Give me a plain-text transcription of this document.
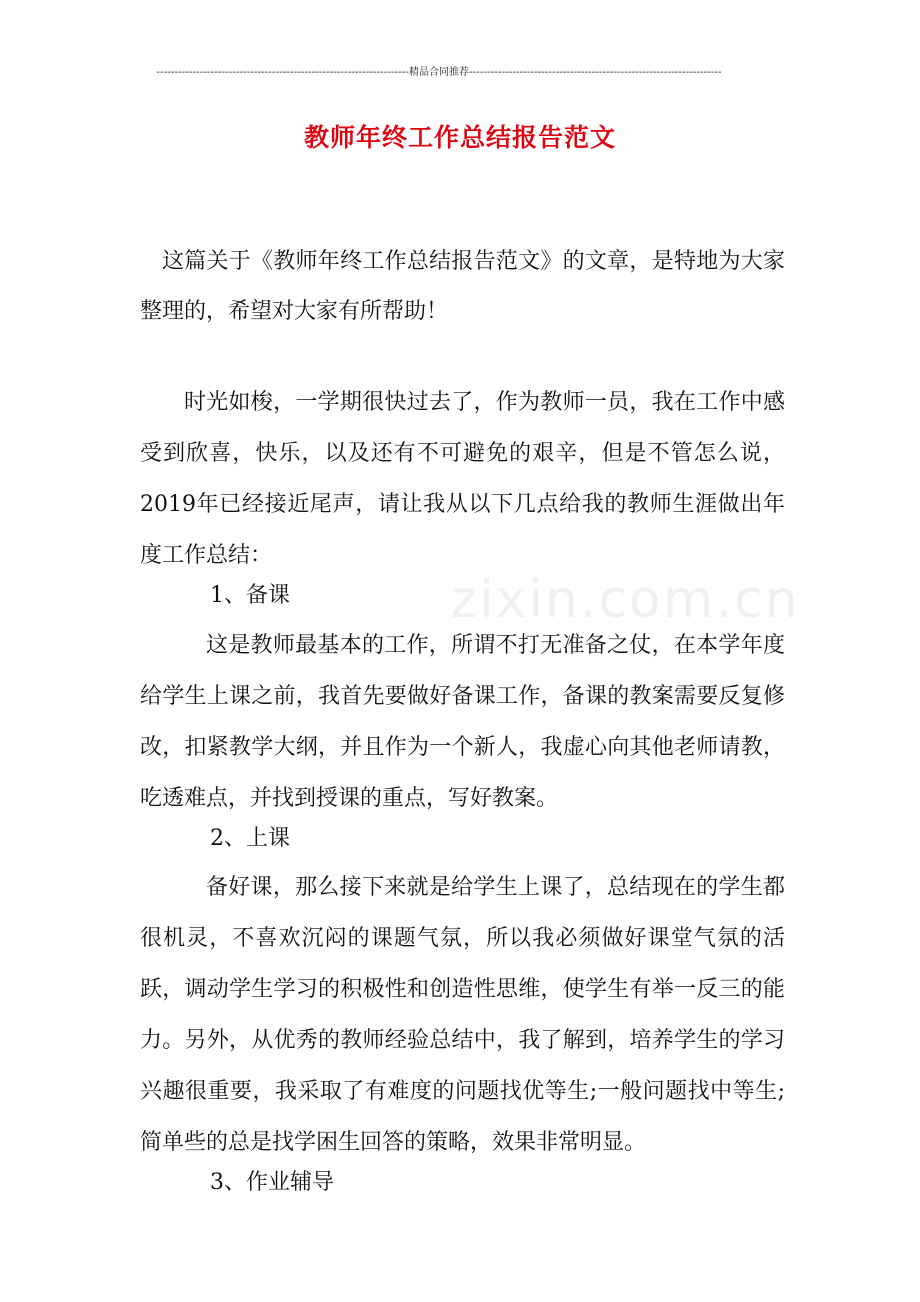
----------------------------------------------------------------------精品合同推荐----------------------------------------------------------------------
教师年终工作总结报告范文

这篇关于《教师年终工作总结报告范文》的文章，是特地为大家整理的，希望对大家有所帮助！

时光如梭，一学期很快过去了，作为教师一员，我在工作中感受到欣喜，快乐，以及还有不可避免的艰辛，但是不管怎么说，2019年已经接近尾声，请让我从以下几点给我的教师生涯做出年度工作总结：

1、备课

这是教师最基本的工作，所谓不打无准备之仗，在本学年度给学生上课之前，我首先要做好备课工作，备课的教案需要反复修改，扣紧教学大纲，并且作为一个新人，我虚心向其他老师请教，吃透难点，并找到授课的重点，写好教案。

2、上课

备好课，那么接下来就是给学生上课了，总结现在的学生都很机灵，不喜欢沉闷的课题气氛，所以我必须做好课堂气氛的活跃，调动学生学习的积极性和创造性思维，使学生有举一反三的能力。另外，从优秀的教师经验总结中，我了解到，培养学生的学习兴趣很重要，我采取了有难度的问题找优等生;一般问题找中等生;简单些的总是找学困生回答的策略，效果非常明显。

3、作业辅导

zixin.com.cn
